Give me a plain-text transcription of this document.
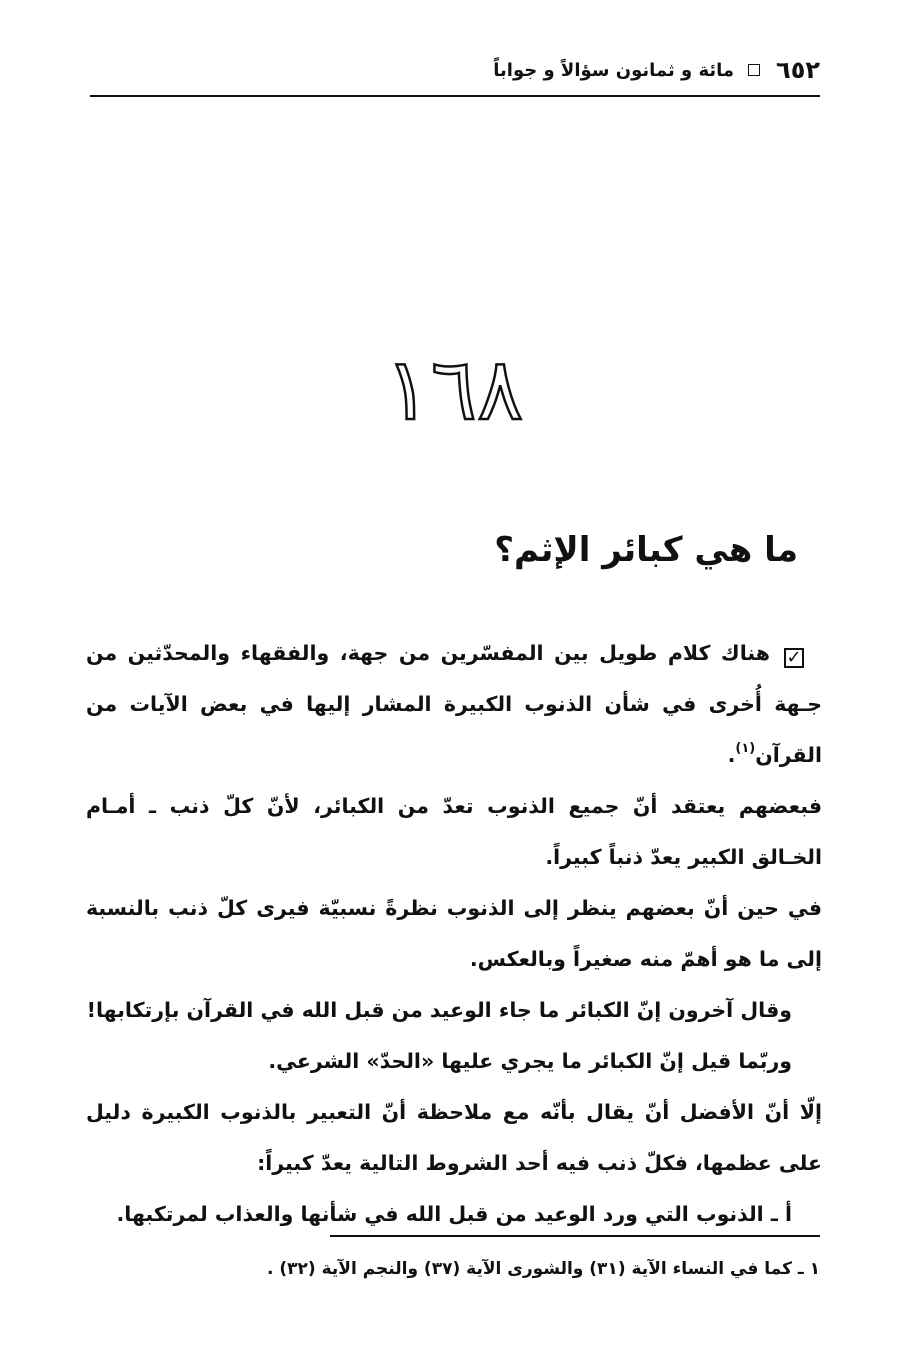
٦٥٢
مائة و ثمانون سؤالاً و جواباً
١٦٨
ما هي كبائر الإثم؟

✓هناك كلام طويل بين المفسّرين من جهة، والفقهاء والمحدّثين من جـهة أُخرى في شأن الذنوب الكبيرة المشار إليها في بعض الآيات من القرآن$^{(١)}$.

فبعضهم يعتقد أنّ جميع الذنوب تعدّ من الكبائر، لأنّ كلّ ذنب ـ أمـام الخـالق الكبير يعدّ ذنباً كبيراً.

في حين أنّ بعضهم ينظر إلى الذنوب نظرةً نسبيّة فيرى كلّ ذنب بالنسبة إلى ما هو أهمّ منه صغيراً وبالعكس.

وقال آخرون إنّ الكبائر ما جاء الوعيد من قبل الله في القرآن بإرتكابها!

وربّما قيل إنّ الكبائر ما يجري عليها «الحدّ» الشرعي.

إلّا أنّ الأفضل أنّ يقال بأنّه مع ملاحظة أنّ التعبير بالذنوب الكبيرة دليل على عظمها، فكلّ ذنب فيه أحد الشروط التالية يعدّ كبيراً:

أ ـ الذنوب التي ورد الوعيد من قبل الله في شأنها والعذاب لمرتكبها.

١ ـ كما في النساء الآية (٣١) والشورى الآية (٣٧) والنجم الآية (٣٢) .
